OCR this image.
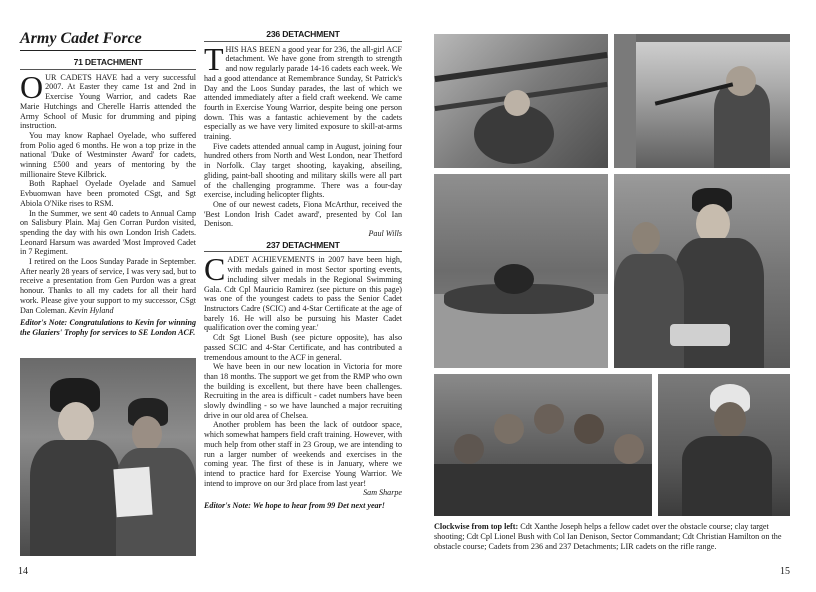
Army Cadet Force
71 DETACHMENT

OUR CADETS HAVE had a very successful 2007. At Easter they came 1st and 2nd in Exercise Young Warrior, and cadets Rae Marie Hutchings and Cherelle Harris attended the Army School of Music for drumming and piping instruction.

You may know Raphael Oyelade, who suffered from Polio aged 6 months. He won a top prize in the national 'Duke of Westminster Award' for cadets, winning £500 and years of mentoring by the millionaire Steve Kilbrick.

Both Raphael Oyelade Oyelade and Samuel Evbuomwan have been promoted CSgt, and Sgt Abiola O'Nike rises to RSM.

In the Summer, we sent 40 cadets to Annual Camp on Salisbury Plain. Maj Gen Corran Purdon visited, spending the day with his own London Irish Cadets. Leonard Harsum was awarded 'Most Improved Cadet in 7 Regiment.

I retired on the Loos Sunday Parade in September. After nearly 28 years of service, I was very sad, but to receive a presentation from Gen Purdon was a great honour. Thanks to all my cadets for all their hard work. Please give your support to my successor, CSgt Dan Coleman. Kevin Hyland

Editor's Note: Congratulations to Kevin for winning the Glaziers' Trophy for services to SE London ACF.

14
236 DETACHMENT

THIS HAS BEEN a good year for 236, the all-girl ACF detachment. We have gone from strength to strength and now regularly parade 14-16 cadets each week. We had a good attendance at Remembrance Sunday, St Patrick's Day and the Loos Sunday parades, the last of which we attended immediately after a field craft weekend. We came fourth in Exercise Young Warrior, despite being one person down. This was a fantastic achievement by the cadets especially as we have very limited exposure to skill-at-arms training.

Five cadets attended annual camp in August, joining four hundred others from North and West London, near Thetford in Norfolk. Clay target shooting, kayaking, abseiling, gliding, paint-ball shooting and military skills were all part of the challenging programme. There was a four-day exercise, including helicopter flights.

One of our newest cadets, Fiona McArthur, received the 'Best London Irish Cadet award', presented by Col Ian Denison.

Paul Wills

237 DETACHMENT

CADET ACHIEVEMENTS in 2007 have been high, with medals gained in most Sector sporting events, including silver medals in the Regional Swimming Gala. Cdt Cpl Mauricio Ramirez (see picture on this page) was one of the youngest cadets to pass the Senior Cadet Instructors Cadre (SCIC) and 4-Star Certificate at the age of barely 16. He will also be pursuing his Master Cadet qualification over the coming year.'

Cdt Sgt Lionel Bush (see picture opposite), has also passed SCIC and 4-Star Certificate, and has contributed a tremendous amount to the ACF in general.

We have been in our new location in Victoria for more than 18 months. The support we get from the RMP who own the building is excellent, but there have been challenges. Recruiting in the area is difficult - cadet numbers have been slowly dwindling - so we have launched a major recruiting drive in our old area of Chelsea.

Another problem has been the lack of outdoor space, which somewhat hampers field craft training. However, with much help from other staff in 23 Group, we are intending to run a larger number of weekends and exercises in the coming year. The first of these is in January, where we intend to practice hard for Exercise Young Warrior. We intend to improve on our 3rd place from last year!

Sam Sharpe

Editor's Note: We hope to hear from 99 Det next year!

Clockwise from top left: Cdt Xanthe Joseph helps a fellow cadet over the obstacle course; clay target shooting; Cdt Cpl Lionel Bush with Col Ian Denison, Sector Commandant; Cdt Christian Hamilton on the obstacle course; Cadets from 236 and 237 Detachments; LIR cadets on the rifle range.
15
